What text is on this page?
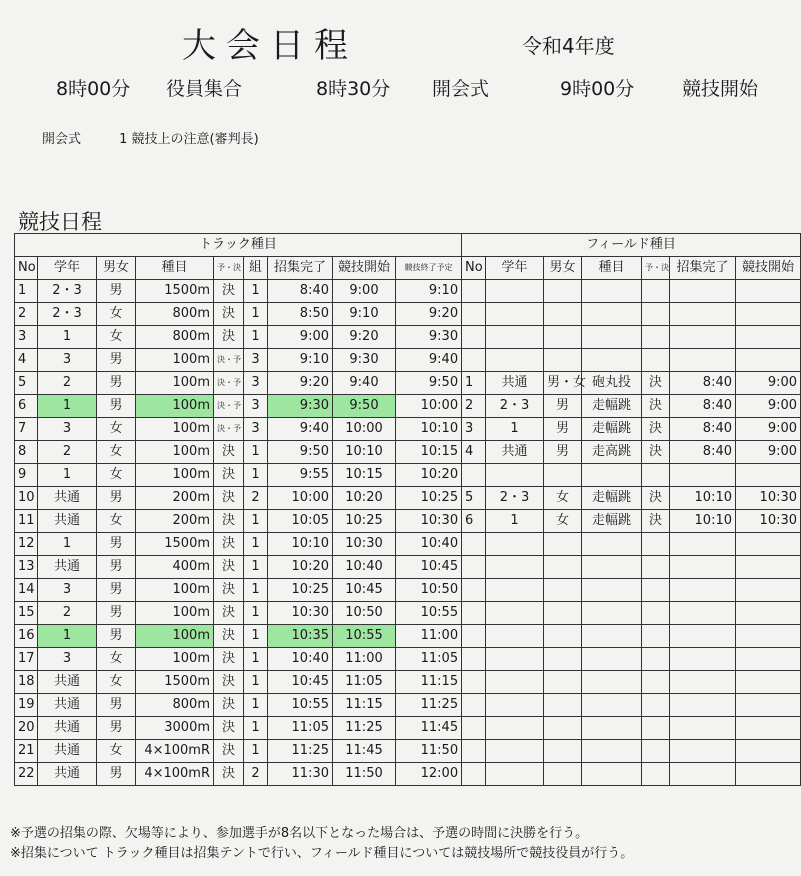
大会日程	令和4年度
8時00分 役員集合	8時30分 開会式	9時00分	競技開始
開会式	1 競技上の注意(審判長)
競技日程
トラック種目								
No	学年	男女	種目	予・決	組	招集完了	競技開始	競技終了予定
1	2・3	男	1500m	決	1	8:40	9:00	9:10
2	2・3	女	800m	決	1	8:50	9:10	9:20
3	1	女	800m	決	1	9:00	9:20	9:30
4	3	男	100m	決・予	3	9:10	9:30	9:40
5	2	男	100m	決・予	3	9:20	9:40	9:50
6	1	男	100m	決・予	3	9:30	9:50	10:00
7	3	女	100m	決・予	3	9:40	10:00	10:10
8	2	女	100m	決	1	9:50	10:10	10:15
9	1	女	100m	決	1	9:55	10:15	10:20
10	共通	男	200m	決	2	10:00	10:20	10:25
11	共通	女	200m	決	1	10:05	10:25	10:30
12	1	男	1500m	決	1	10:10	10:30	10:40
13	共通	男	400m	決	1	10:20	10:40	10:45
14	3	男	100m	決	1	10:25	10:45	10:50
15	2	男	100m	決	1	10:30	10:50	10:55
16	1	男	100m	決	1	10:35	10:55	11:00
17	3	女	100m	決	1	10:40	11:00	11:05
18	共通	女	1500m	決	1	10:45	11:05	11:15
19	共通	男	800m	決	1	10:55	11:15	11:25
20	共通	男	3000m	決	1	11:05	11:25	11:45
21	共通	女	4×100mR	決	1	11:25	11:45	11:50
22	共通	男	4×100mR	決	2	11:30	11:50	12:00
フィールド種目						
No	学年	男女	種目	予・決	招集完了	競技開始

1	共通	男・女	砲丸投	決	8:40	9:00
2	2・3	男	走幅跳	決	8:40	9:00
3	1	男	走幅跳	決	8:40	9:00
4	共通	男	走高跳	決	8:40	9:00

5	2・3	女	走幅跳	決	10:10	10:30
6	1	女	走幅跳	決	10:10	10:30

※予選の招集の際、欠場等により、参加選手が8名以下となった場合は、予選の時間に決勝を行う。
※招集について トラック種目は招集テントで行い、フィールド種目については競技場所で競技役員が行う。
